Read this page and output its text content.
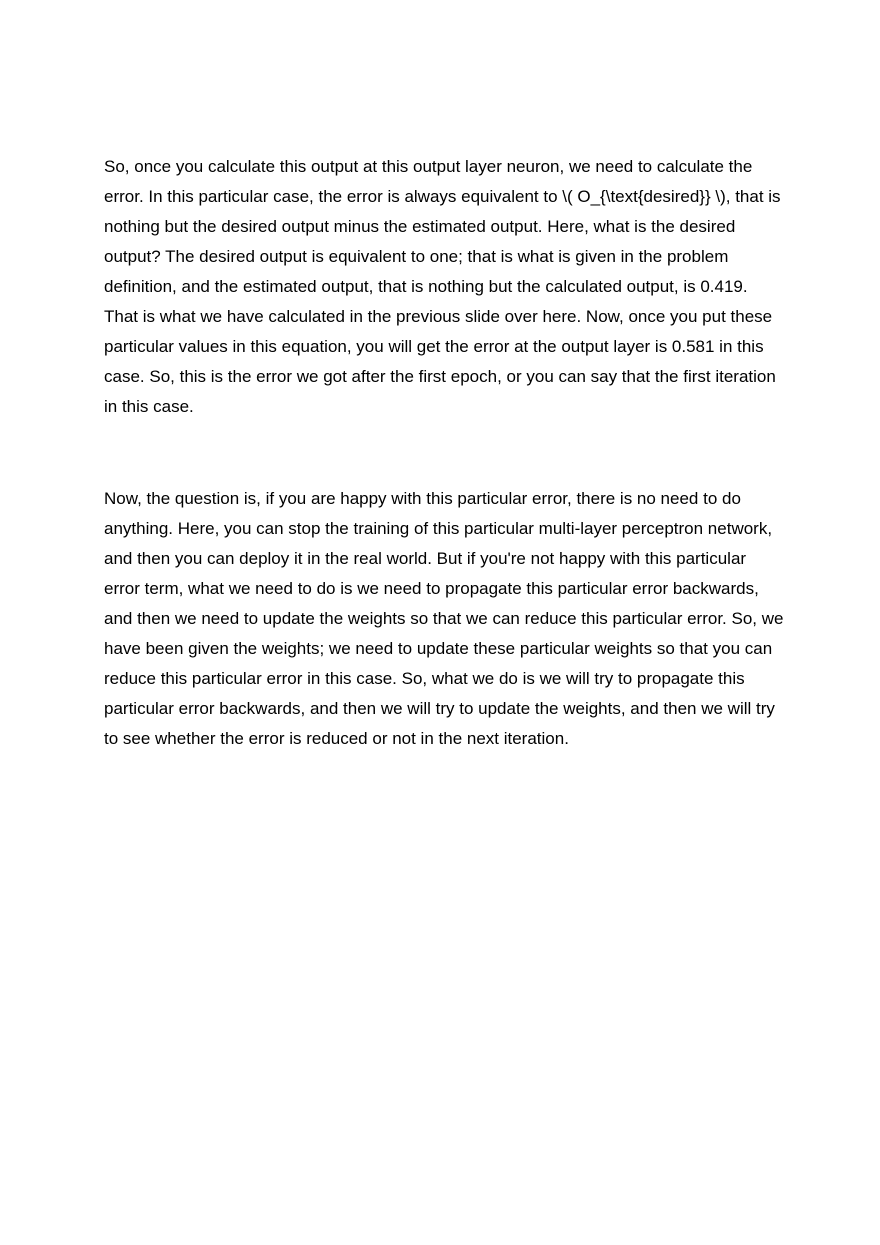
So, once you calculate this output at this output layer neuron, we need to calculate the error. In this particular case, the error is always equivalent to \( O_{\text{desired}} \), that is nothing but the desired output minus the estimated output. Here, what is the desired output? The desired output is equivalent to one; that is what is given in the problem definition, and the estimated output, that is nothing but the calculated output, is 0.419. That is what we have calculated in the previous slide over here. Now, once you put these particular values in this equation, you will get the error at the output layer is 0.581 in this case. So, this is the error we got after the first epoch, or you can say that the first iteration in this case.

Now, the question is, if you are happy with this particular error, there is no need to do anything. Here, you can stop the training of this particular multi-layer perceptron network, and then you can deploy it in the real world. But if you're not happy with this particular error term, what we need to do is we need to propagate this particular error backwards, and then we need to update the weights so that we can reduce this particular error. So, we have been given the weights; we need to update these particular weights so that you can reduce this particular error in this case. So, what we do is we will try to propagate this particular error backwards, and then we will try to update the weights, and then we will try to see whether the error is reduced or not in the next iteration.
